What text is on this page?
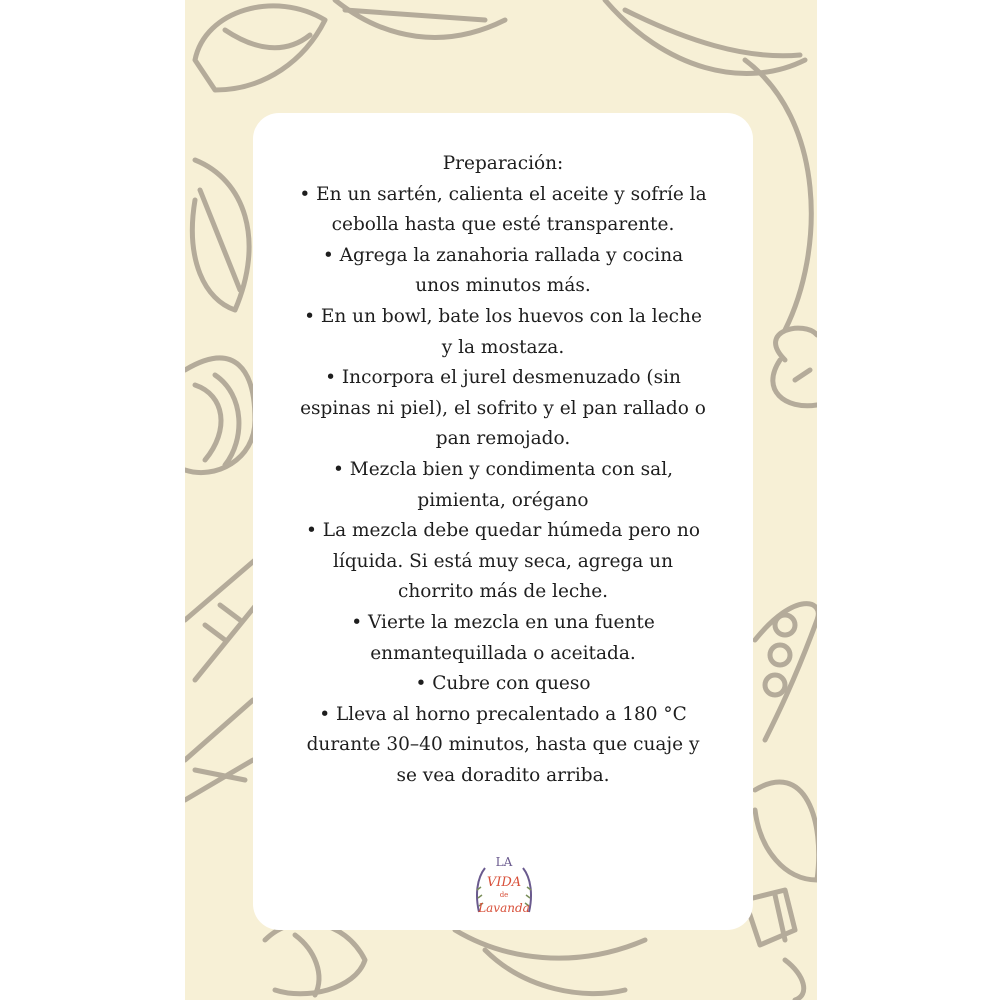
Preparación:
• En un sartén, calienta el aceite y sofríe la
cebolla hasta que esté transparente.
• Agrega la zanahoria rallada y cocina
unos minutos más.
• En un bowl, bate los huevos con la leche
y la mostaza.
• Incorpora el jurel desmenuzado (sin
espinas ni piel), el sofrito y el pan rallado o
pan remojado.
• Mezcla bien y condimenta con sal,
pimienta, orégano
• La mezcla debe quedar húmeda pero no
líquida. Si está muy seca, agrega un
chorrito más de leche.
• Vierte la mezcla en una fuente
enmantequillada o aceitada.
• Cubre con queso
• Lleva al horno precalentado a 180 °C
durante 30–40 minutos, hasta que cuaje y
se vea doradito arriba.
LA
VIDA
de
Lavanda
